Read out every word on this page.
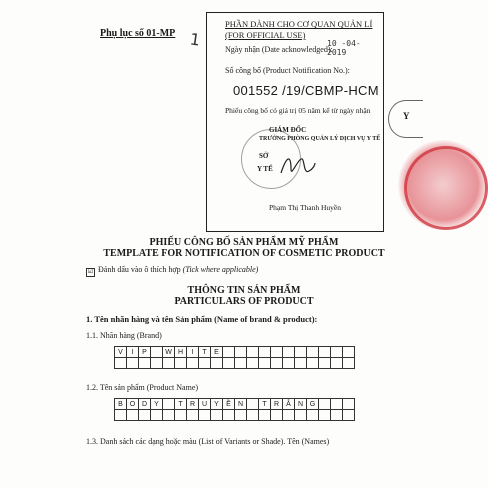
Phụ lục số 01-MP 1
PHẦN DÀNH CHO CƠ QUAN QUẢN LÍ
(FOR OFFICIAL USE)
Ngày nhận (Date acknowledged):
10 -04- 2019
Số công bố (Product Notification No.):
001552 /19/CBMP-HCM
Phiếu công bố có giá trị 05 năm kể từ ngày nhận
GIÁM ĐỐC
TRƯỞNG PHÒNG QUẢN LÝ DỊCH VỤ Y TẾ
SỞ
Y TẾ
Phạm Thị Thanh Huyền
Y
PHIẾU CÔNG BỐ SẢN PHẨM MỸ PHẨM
TEMPLATE FOR NOTIFICATION OF COSMETIC PRODUCT
☑ Đánh dấu vào ô thích hợp (Tick where applicable)
THÔNG TIN SẢN PHẨM
PARTICULARS OF PRODUCT
1. Tên nhãn hàng và tên Sản phẩm (Name of brand & product):
1.1. Nhãn hàng (Brand)
V	I	P		W	H	I	T	E											

1.2. Tên sản phẩm (Product Name)
B	O	D	Y		T	R	U	Y	Ề	N		T	R	Ắ	N	G			

1.3. Danh sách các dạng hoặc màu (List of Variants or Shade). Tên (Names)
